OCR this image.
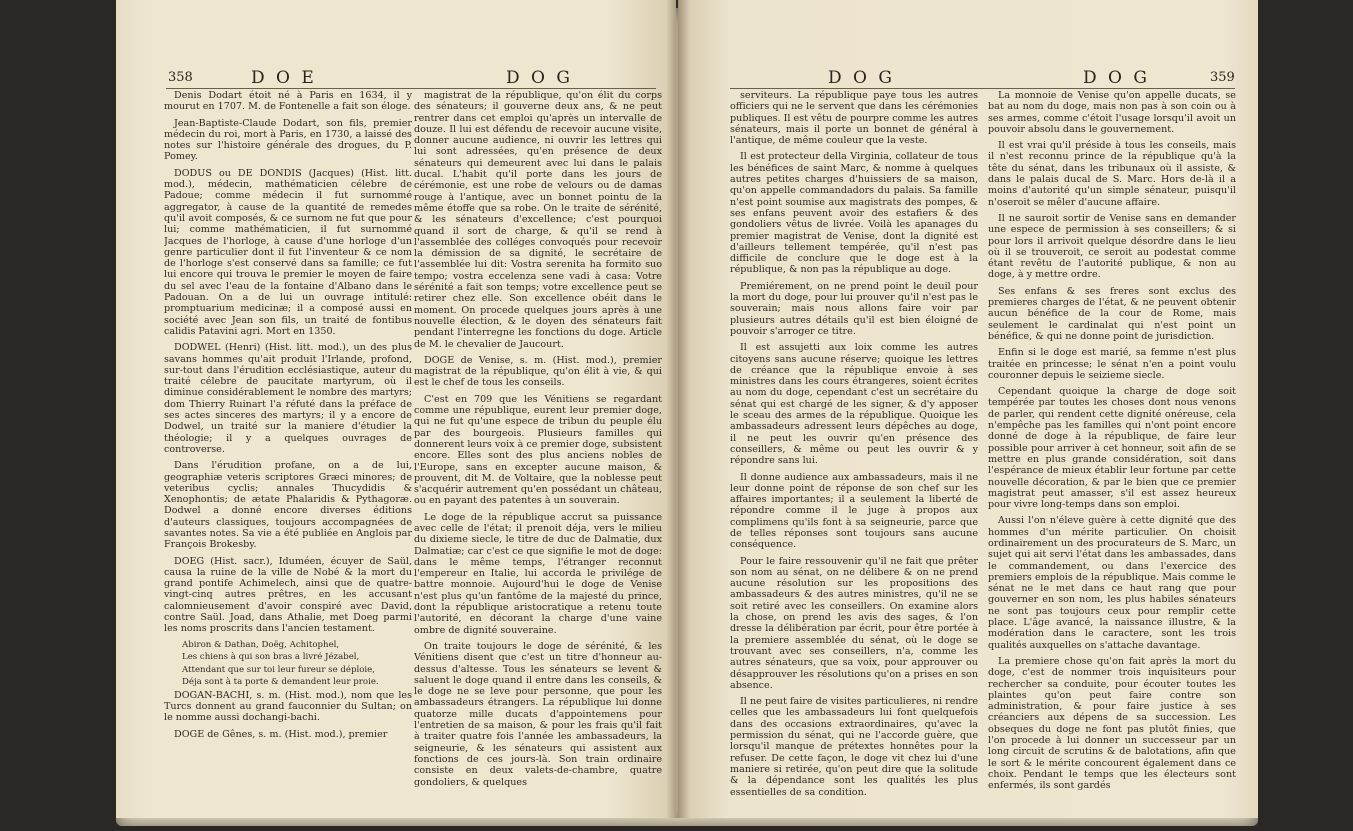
358	D O E	D O G

Denis Dodart étoit né à Paris en 1634, il y mourut en 1707. M. de Fontenelle a fait son éloge.

Jean-Baptiste-Claude Dodart, son fils, premier médecin du roi, mort à Paris, en 1730, a laissé des notes sur l'histoire générale des drogues, du P. Pomey.

DODUS ou DE DONDIS (Jacques) (Hist. litt. mod.), médecin, mathématicien célebre de Padoue; comme médecin il fut surnommé aggregator, à cause de la quantité de remedes qu'il avoit composés, & ce surnom ne fut que pour lui; comme mathématicien, il fut surnommé Jacques de l'horloge, à cause d'une horloge d'un genre particulier dont il fut l'inventeur & ce nom de l'horloge s'est conservé dans sa famille; ce fut lui encore qui trouva le premier le moyen de faire du sel avec l'eau de la fontaine d'Albano dans le Padouan. On a de lui un ouvrage intitulé: promptuarium medicinæ; il a composé aussi en société avec Jean son fils, un traité de fontibus calidis Patavini agri. Mort en 1350.

DODWEL (Henri) (Hist. litt. mod.), un des plus savans hommes qu'ait produit l'Irlande, profond, sur-tout dans l'érudition ecclésiastique, auteur du traité célebre de paucitate martyrum, où il diminue considérablement le nombre des martyrs; dom Thierry Ruinart l'a réfuté dans la préface de ses actes sinceres des martyrs; il y a encore de Dodwel, un traité sur la maniere d'étudier la théologie; il y a quelques ouvrages de controverse.

Dans l'érudition profane, on a de lui, geographiæ veteris scriptores Græci minores; de veteribus cyclis; annales Thucydidis & Xenophontis; de ætate Phalaridis & Pythagoræ. Dodwel a donné encore diverses éditions d'auteurs classiques, toujours accompagnées de savantes notes. Sa vie a été publiée en Anglois par François Brokesby.

DOEG (Hist. sacr.), Iduméen, écuyer de Saül, causa la ruine de la ville de Nobé & la mort du grand pontife Achimelech, ainsi que de quatre-vingt-cinq autres prêtres, en les accusant calomnieusement d'avoir conspiré avec David, contre Saül. Joad, dans Athalie, met Doeg parmi les noms proscrits dans l'ancien testament.

Abiron & Dathan, Doëg, Achitophel,

Les chiens à qui son bras a livré Jézabel,

Attendant que sur toi leur fureur se déploie,

Déja sont à ta porte & demandent leur proie.

DOGAN-BACHI, s. m. (Hist. mod.), nom que les Turcs donnent au grand fauconnier du Sultan; on le nomme aussi dochangi-bachi.

DOGE de Gênes, s. m. (Hist. mod.), premier

magistrat de la république, qu'on élit du corps des sénateurs; il gouverne deux ans, & ne peut rentrer dans cet emploi qu'après un intervalle de douze. Il lui est défendu de recevoir aucune visite, donner aucune audience, ni ouvrir les lettres qui lui sont adressées, qu'en présence de deux sénateurs qui demeurent avec lui dans le palais ducal. L'habit qu'il porte dans les jours de cérémonie, est une robe de velours ou de damas rouge à l'antique, avec un bonnet pointu de la même étoffe que sa robe. On le traite de sérénité, & les sénateurs d'excellence; c'est pourquoi quand il sort de charge, & qu'il se rend à l'assemblée des colléges convoqués pour recevoir la démission de sa dignité, le secrétaire de l'assemblée lui dit: Vostra serenita ha formito suo tempo; vostra eccelenza sene vadi à casa: Votre sérénité a fait son temps; votre excellence peut se retirer chez elle. Son excellence obéit dans le moment. On procede quelques jours après à une nouvelle élection, & le doyen des sénateurs fait pendant l'interregne les fonctions du doge. Article de M. le chevalier de Jaucourt.

DOGE de Venise, s. m. (Hist. mod.), premier magistrat de la république, qu'on élit à vie, & qui est le chef de tous les conseils.

C'est en 709 que les Vénitiens se regardant comme une république, eurent leur premier doge, qui ne fut qu'une espece de tribun du peuple élu par des bourgeois. Plusieurs familles qui donnerent leurs voix à ce premier doge, subsistent encore. Elles sont des plus anciens nobles de l'Europe, sans en excepter aucune maison, & prouvent, dit M. de Voltaire, que la noblesse peut s'acquérir autrement qu'en possédant un château, ou en payant des patentes à un souverain.

Le doge de la république accrut sa puissance avec celle de l'état; il prenoit déja, vers le milieu du dixieme siecle, le titre de duc de Dalmatie, dux Dalmatiæ; car c'est ce que signifie le mot de doge: dans le même temps, l'étranger reconnut l'empereur en Italie, lui accorda le privilége de battre monnoie. Aujourd'hui le doge de Venise n'est plus qu'un fantôme de la majesté du prince, dont la république aristocratique a retenu toute l'autorité, en décorant la charge d'une vaine ombre de dignité souveraine.

On traite toujours le doge de sérénité, & les Vénitiens disent que c'est un titre d'honneur au-dessus d'altesse. Tous les sénateurs se levent & saluent le doge quand il entre dans les conseils, & le doge ne se leve pour personne, que pour les ambassadeurs étrangers. La république lui donne quatorze mille ducats d'appointemens pour l'entretien de sa maison, & pour les frais qu'il fait à traiter quatre fois l'année les ambassadeurs, la seigneurie, & les sénateurs qui assistent aux fonctions de ces jours-là. Son train ordinaire consiste en deux valets-de-chambre, quatre gondoliers, & quelques

D O G	D O G	359

serviteurs. La république paye tous les autres officiers qui ne le servent que dans les cérémonies publiques. Il est vêtu de pourpre comme les autres sénateurs, mais il porte un bonnet de général à l'antique, de même couleur que la veste.

Il est protecteur della Virginia, collateur de tous les bénéfices de saint Marc, & nomme à quelques autres petites charges d'huissiers de sa maison, qu'on appelle commandadors du palais. Sa famille n'est point soumise aux magistrats des pompes, & ses enfans peuvent avoir des estafiers & des gondoliers vêtus de livrée. Voilà les apanages du premier magistrat de Venise, dont la dignité est d'ailleurs tellement tempérée, qu'il n'est pas difficile de conclure que le doge est à la république, & non pas la république au doge.

Premiérement, on ne prend point le deuil pour la mort du doge, pour lui prouver qu'il n'est pas le souverain; mais nous allons faire voir par plusieurs autres détails qu'il est bien éloigné de pouvoir s'arroger ce titre.

Il est assujetti aux loix comme les autres citoyens sans aucune réserve; quoique les lettres de créance que la république envoie à ses ministres dans les cours étrangeres, soient écrites au nom du doge, cependant c'est un secrétaire du sénat qui est chargé de les signer, & d'y apposer le sceau des armes de la république. Quoique les ambassadeurs adressent leurs dépêches au doge, il ne peut les ouvrir qu'en présence des conseillers, & même ou peut les ouvrir & y répondre sans lui.

Il donne audience aux ambassadeurs, mais il ne leur donne point de réponse de son chef sur les affaires importantes; il a seulement la liberté de répondre comme il le juge à propos aux complimens qu'ils font à sa seigneurie, parce que de telles réponses sont toujours sans aucune conséquence.

Pour le faire ressouvenir qu'il ne fait que prêter son nom au sénat, on ne délibere & on ne prend aucune résolution sur les propositions des ambassadeurs & des autres ministres, qu'il ne se soit retiré avec les conseillers. On examine alors la chose, on prend les avis des sages, & l'on dresse la délibération par écrit, pour être portée à la premiere assemblée du sénat, où le doge se trouvant avec ses conseillers, n'a, comme les autres sénateurs, que sa voix, pour approuver ou désapprouver les résolutions qu'on a prises en son absence.

Il ne peut faire de visites particulieres, ni rendre celles que les ambassadeurs lui font quelquefois dans des occasions extraordinaires, qu'avec la permission du sénat, qui ne l'accorde guère, que lorsqu'il manque de prétextes honnêtes pour la refuser. De cette façon, le doge vit chez lui d'une maniere si retirée, qu'on peut dire que la solitude & la dépendance sont les qualités les plus essentielles de sa condition.

La monnoie de Venise qu'on appelle ducats, se bat au nom du doge, mais non pas à son coin ou à ses armes, comme c'étoit l'usage lorsqu'il avoit un pouvoir absolu dans le gouvernement.

Il est vrai qu'il préside à tous les conseils, mais il n'est reconnu prince de la république qu'à la tête du sénat, dans les tribunaux où il assiste, & dans le palais ducal de S. Marc. Hors de-là il a moins d'autorité qu'un simple sénateur, puisqu'il n'oseroit se mêler d'aucune affaire.

Il ne sauroit sortir de Venise sans en demander une espece de permission à ses conseillers; & si pour lors il arrivoit quelque désordre dans le lieu où il se trouveroit, ce seroit au podestat comme étant revêtu de l'autorité publique, & non au doge, à y mettre ordre.

Ses enfans & ses freres sont exclus des premieres charges de l'état, & ne peuvent obtenir aucun bénéfice de la cour de Rome, mais seulement le cardinalat qui n'est point un bénéfice, & qui ne donne point de jurisdiction.

Enfin si le doge est marié, sa femme n'est plus traitée en princesse; le sénat n'en a point voulu couronner depuis le seizieme siecle.

Cependant quoique la charge de doge soit tempérée par toutes les choses dont nous venons de parler, qui rendent cette dignité onéreuse, cela n'empêche pas les familles qui n'ont point encore donné de doge à la république, de faire leur possible pour arriver à cet honneur, soit afin de se mettre en plus grande considération, soit dans l'espérance de mieux établir leur fortune par cette nouvelle décoration, & par le bien que ce premier magistrat peut amasser, s'il est assez heureux pour vivre long-temps dans son emploi.

Aussi l'on n'éleve guère à cette dignité que des hommes d'un mérite particulier. On choisit ordinairement un des procurateurs de S. Marc, un sujet qui ait servi l'état dans les ambassades, dans le commandement, ou dans l'exercice des premiers emplois de la république. Mais comme le sénat ne le met dans ce haut rang que pour gouverner en son nom, les plus habiles sénateurs ne sont pas toujours ceux pour remplir cette place. L'âge avancé, la naissance illustre, & la modération dans le caractere, sont les trois qualités auxquelles on s'attache davantage.

La premiere chose qu'on fait après la mort du doge, c'est de nommer trois inquisiteurs pour rechercher sa conduite, pour écouter toutes les plaintes qu'on peut faire contre son administration, & pour faire justice à ses créanciers aux dépens de sa succession. Les obseques du doge ne font pas plutôt finies, que l'on procede à lui donner un successeur par un long circuit de scrutins & de balotations, afin que le sort & le mérite concourent également dans ce choix. Pendant le temps que les électeurs sont enfermés, ils sont gardés
